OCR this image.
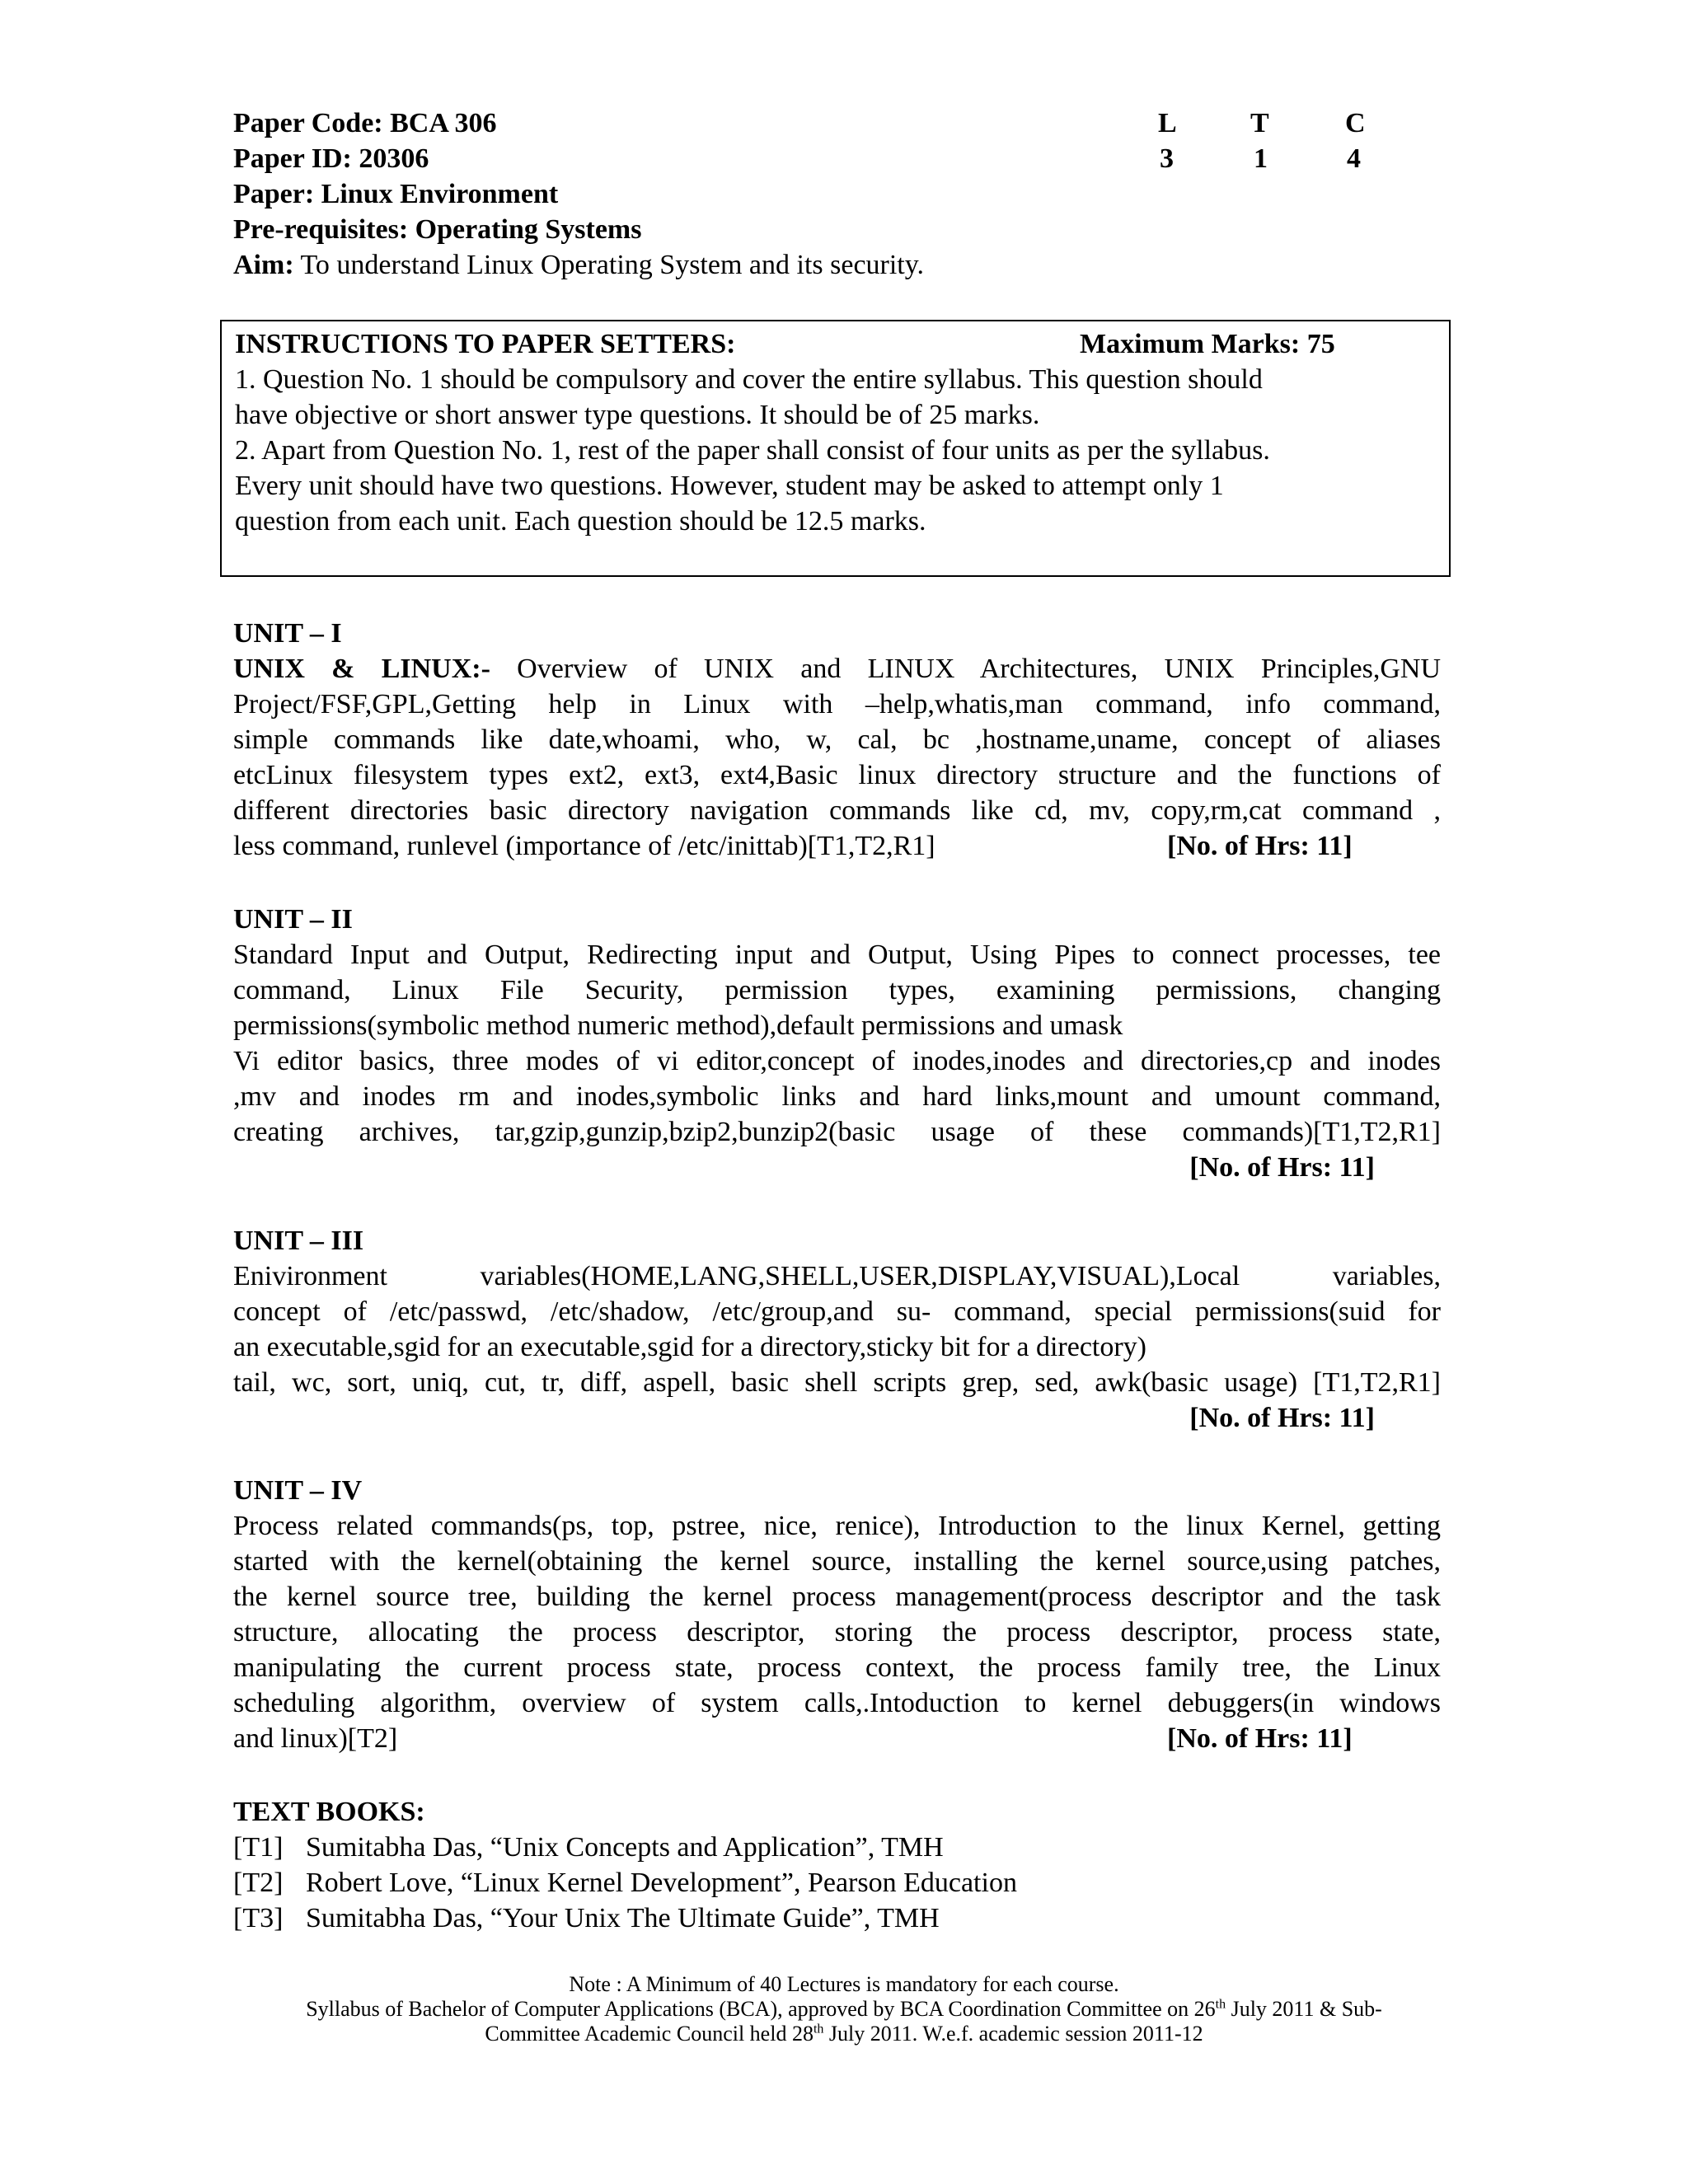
Paper Code: BCA 306
Paper ID: 20306
Paper: Linux Environment
Pre-requisites: Operating Systems
Aim: To understand Linux Operating System and its security.
L	T	C
3	1	4
INSTRUCTIONS TO PAPER SETTERS:	Maximum Marks: 75
1. Question No. 1 should be compulsory and cover the entire syllabus. This question should
have objective or short answer type questions. It should be of 25 marks.
2. Apart from Question No. 1, rest of the paper shall consist of four units as per the syllabus.
Every unit should have two questions. However, student may be asked to attempt only 1
question from each unit. Each question should be 12.5 marks.
UNIT – I
UNIX & LINUX:- Overview of UNIX and LINUX Architectures, UNIX Principles,GNU
Project/FSF,GPL,Getting help in Linux with –help,whatis,man command, info command,
simple commands like date,whoami, who, w, cal, bc ,hostname,uname, concept of aliases
etcLinux filesystem types ext2, ext3, ext4,Basic linux directory structure and the functions of
different directories basic directory navigation commands like cd, mv, copy,rm,cat command ,
less command, runlevel (importance of /etc/inittab)[T1,T2,R1]	[No. of Hrs: 11]
UNIT – II
Standard Input and Output, Redirecting input and Output, Using Pipes to connect processes, tee
command, Linux File Security, permission types, examining permissions, changing
permissions(symbolic method numeric method),default permissions and umask
Vi editor basics, three modes of vi editor,concept of inodes,inodes and directories,cp and inodes
,mv and inodes rm and inodes,symbolic links and hard links,mount and umount command,
creating archives, tar,gzip,gunzip,bzip2,bunzip2(basic usage of these commands)[T1,T2,R1]
[No. of Hrs: 11]
UNIT – III
Enivironment variables(HOME,LANG,SHELL,USER,DISPLAY,VISUAL),Local variables,
concept of /etc/passwd, /etc/shadow, /etc/group,and su- command, special permissions(suid for
an executable,sgid for an executable,sgid for a directory,sticky bit for a directory)
tail, wc, sort, uniq, cut, tr, diff, aspell, basic shell scripts grep, sed, awk(basic usage) [T1,T2,R1]
[No. of Hrs: 11]
UNIT – IV
Process related commands(ps, top, pstree, nice, renice), Introduction to the linux Kernel, getting
started with the kernel(obtaining the kernel source, installing the kernel source,using patches,
the kernel source tree, building the kernel process management(process descriptor and the task
structure, allocating the process descriptor, storing the process descriptor, process state,
manipulating the current process state, process context, the process family tree, the Linux
scheduling algorithm, overview of system calls,.Intoduction to kernel debuggers(in windows
and linux)[T2]	[No. of Hrs: 11]
TEXT BOOKS:
[T1] Sumitabha Das, “Unix Concepts and Application”, TMH
[T2] Robert Love, “Linux Kernel Development”, Pearson Education
[T3] Sumitabha Das, “Your Unix The Ultimate Guide”, TMH
Note : A Minimum of 40 Lectures is mandatory for each course.
Syllabus of Bachelor of Computer Applications (BCA), approved by BCA Coordination Committee on 26th July 2011 & Sub-
Committee Academic Council held 28th July 2011. W.e.f. academic session 2011-12
